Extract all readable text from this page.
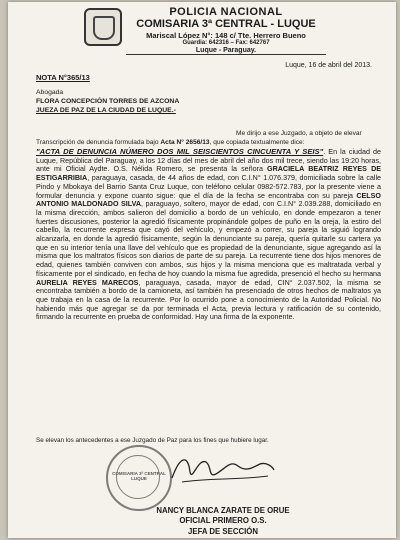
POLICIA NACIONAL
COMISARIA 3ª CENTRAL - LUQUE
Mariscal López N°: 148 c/ Tte. Herrero Bueno
Guardia: 642316 – Fax: 642767
Luque - Paraguay.
Luque, 16 de abril del 2013.
NOTA N°365/13
Abogada
FLORA CONCEPCIÓN TORRES DE AZCONA
JUEZA DE PAZ DE LA CIUDAD DE LUQUE.-
Me dirijo a ese Juzgado, a objeto de elevar Transcripción de denuncia formulada bajo Acta N° 2656/13, que copiada textualmente dice:
"ACTA DE DENUNCIA NÚMERO DOS MIL SEISCIENTOS CINCUENTA Y SEIS". En la ciudad de Luque, República del Paraguay, a los 12 días del mes de abril del año dos mil trece, siendo las 19:20 horas, ante mi Oficial Aydte. O.S. Nélida Romero, se presenta la señora GRACIELA BEATRIZ REYES DE ESTIGARRIBIA, paraguaya, casada, de 44 años de edad, con C.I.N° 1.076.379, domiciliada sobre la calle Pindo y Mbokaya del Barrio Santa Cruz Luque, con teléfono celular 0982-572.783, por la presente viene a formular denuncia y expone cuanto sigue: que el día de la fecha se encontraba con su pareja CELSO ANTONIO MALDONADO SILVA, paraguayo, soltero, mayor de edad, con C.I.N° 2.039.288, domiciliado en la misma dirección, ambos salieron del domicilio a bordo de un vehículo, en donde empezaron a tener fuertes discusiones, posterior la agredió físicamente propinándole golpes de puño en la oreja, la estiro del cabello, la recurrente expresa que cayó del vehículo, y empezó a correr, su pareja la siguió logrando alcanzarla, en donde la agredió físicamente, según la denunciante su pareja, quería quitarle su cartera ya que en su interior tenía una llave del vehículo que es propiedad de la denunciante, sigue agregando así la misma que los maltratos físicos son diarios de parte de su pareja. La recurrente tiene dos hijos menores de edad, quienes también conviven con ambos, sus hijos y la misma menciona que es maltratada verbal y físicamente por el sindicado, en fecha de hoy cuando la misma fue agredida, presenció el hecho su hermana AURELIA REYES MARECOS, paraguaya, casada, mayor de edad, CIN° 2.037.502, la misma se encontraba también a bordo de la camioneta, así también ha presenciado de otros hechos de maltratos ya que trabaja en la casa de la recurrente. Por lo ocurrido pone a conocimiento de la Autoridad Policial. No habiendo más que agregar se da por terminada el Acta, previa lectura y ratificación de su contenido, firmando la recurrente en prueba de conformidad. Hay una firma de la exponente.
Se elevan los antecedentes a ese Juzgado de Paz para los fines que hubiere lugar.
COMISARIA 3ª CENTRAL LUQUE
NANCY BLANCA ZARATE DE ORUE
OFICIAL PRIMERO O.S.
JEFA DE SECCIÓN
